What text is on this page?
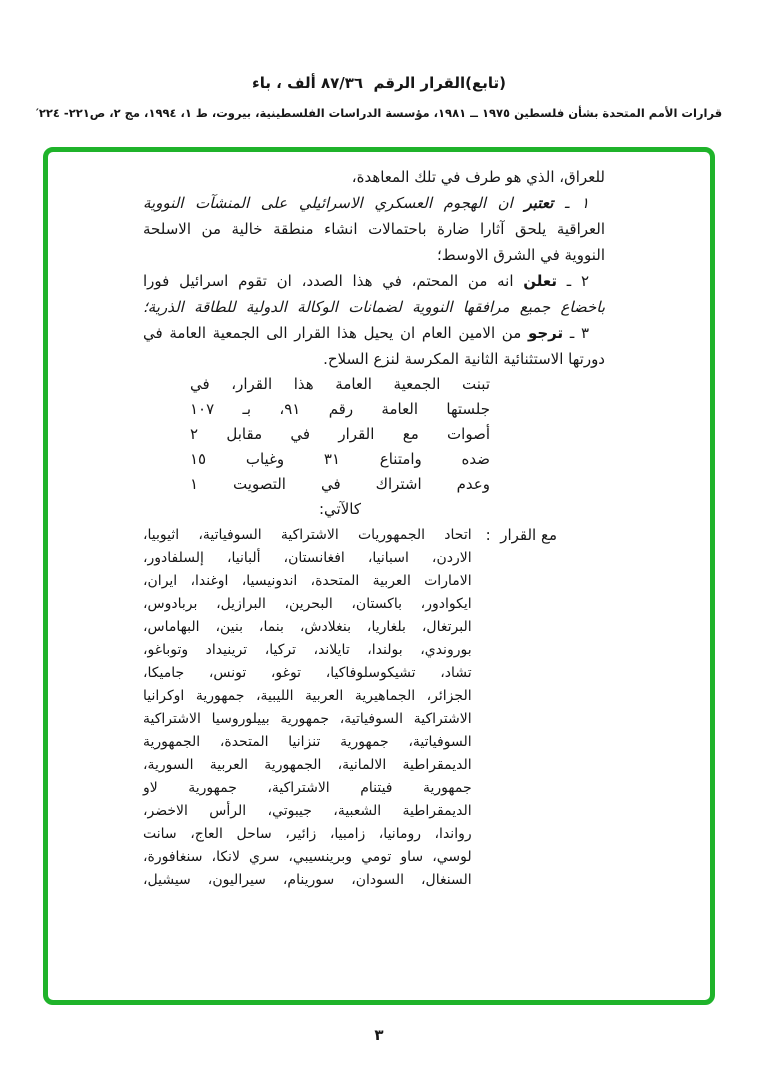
(تابع)القرار الرقم  ٨٧/٣٦ ألف ، باء
قرارات الأمم المتحدة بشأن فلسطين ١٩٧٥ ــ ١٩٨١، مؤسسة الدراسات الفلسطينية، بيروت، ط ١، ١٩٩٤، مج ٢، ص٢٢١- ٢٢٤′
للعراق، الذي هو طرف في تلك المعاهدة،
١ ـ تعتبر ان الهجوم العسكري الاسرائيلي على المنشآت النووية
العراقية يلحق آثارا ضارة باحتمالات انشاء منطقة خالية من الاسلحة
النووية في الشرق الاوسط؛
٢ ـ تعلن انه من المحتم، في هذا الصدد، ان تقوم اسرائيل فورا
باخضاع جميع مرافقها النووية لضمانات الوكالة الدولية للطاقة الذرية؛
٣ ـ ترجو من الامين العام ان يحيل هذا القرار الى الجمعية العامة في
دورتها الاستثنائية الثانية المكرسة لنزع السلاح.
تبنت الجمعية العامة هذا القرار، في
جلستها العامة رقم ٩١، بـ ١٠٧
أصوات مع القرار في مقابل ٢
ضده وامتناع ٣١ وغياب ١٥
وعدم اشتراك في التصويت ١
كالآتي:
مع القرار  :
اتحاد الجمهوريات الاشتراكية السوفياتية، اثيوبيا،
الاردن، اسبانيا، افغانستان، ألبانيا، إلسلفادور،
الامارات العربية المتحدة، اندونيسيا، اوغندا، ايران،
ايكوادور، باكستان، البحرين، البرازيل، بربادوس،
البرتغال، بلغاريا، بنغلادش، بنما، بنين، البهاماس،
بوروندي، بولندا، تايلاند، تركيا، ترينيداد وتوباغو،
تشاد، تشيكوسلوفاكيا، توغو، تونس، جاميكا،
الجزائر، الجماهيرية العربية الليبية، جمهورية اوكرانيا
الاشتراكية السوفياتية، جمهورية بييلوروسيا الاشتراكية
السوفياتية، جمهورية تنزانيا المتحدة، الجمهورية
الديمقراطية الالمانية، الجمهورية العربية السورية،
جمهورية فيتنام الاشتراكية، جمهورية لاو
الديمقراطية الشعبية، جيبوتي، الرأس الاخضر،
رواندا، رومانيا، زامبيا، زائير، ساحل العاج، سانت
لوسي، ساو تومي وبرينسيبي، سري لانكا، سنغافورة،
السنغال، السودان، سورينام، سيراليون، سيشيل،
٣
